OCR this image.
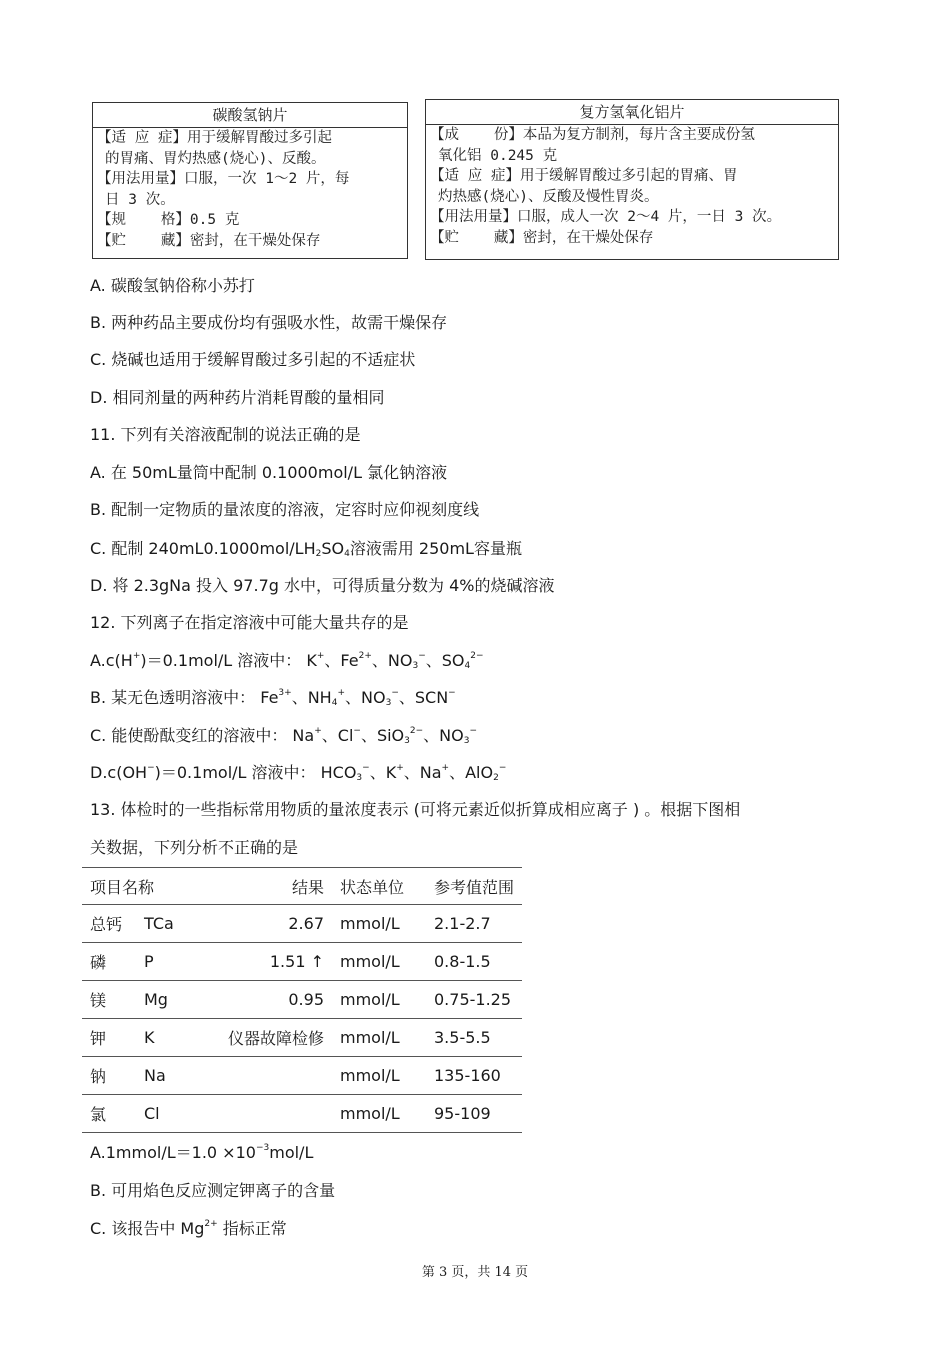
碳酸氢钠片
【适 应 症】用于缓解胃酸过多引起
的胃痛、胃灼热感(烧心)、反酸。
【用法用量】口服，一次 1～2 片，每
日 3 次。
【规    格】0.5 克
【贮    藏】密封，在干燥处保存
复方氢氧化铝片
【成    份】本品为复方制剂，每片含主要成份氢
氧化铝 0.245 克
【适 应 症】用于缓解胃酸过多引起的胃痛、胃
灼热感(烧心)、反酸及慢性胃炎。
【用法用量】口服，成人一次 2～4 片，一日 3 次。
【贮    藏】密封，在干燥处保存
A. 碳酸氢钠俗称小苏打
B. 两种药品主要成份均有强吸水性，故需干燥保存
C. 烧碱也适用于缓解胃酸过多引起的不适症状
D. 相同剂量的两种药片消耗胃酸的量相同
11. 下列有关溶液配制的说法正确的是
A. 在 50mL量筒中配制 0.1000mol/L 氯化钠溶液
B. 配制一定物质的量浓度的溶液，定容时应仰视刻度线
C. 配制 $240mL0.1000mol/LH_2SO_4$溶液需用 250mL容量瓶
D. 将 2.3gNa 投入 97.7g 水中，可得质量分数为 4%的烧碱溶液
12. 下列离子在指定溶液中可能大量共存的是
A.c(H+)＝0.1mol/L 溶液中： K+、$Fe^{2+}$、$NO_3^-$、$SO_4^{2-}$
B. 某无色透明溶液中： $Fe^{3+}$、$NH_4^+$、$NO_3^-$、SCN−
C. 能使酚酞变红的溶液中： Na+、Cl−、SiO$_3^{2-}$、$NO_3^-$
D.c(OH−)＝0.1mol/L 溶液中： $HCO_3^-$、K+、Na+、AlO$_2$−
13. 体检时的一些指标常用物质的量浓度表示 (可将元素近似折算成相应离子 ) 。根据下图相
关数据，下列分析不正确的是
项目名称		结果	状态单位	参考值范围
总钙	TCa	2.67	mmol/L	2.1-2.7
磷	P	1.51 ↑	mmol/L	0.8-1.5
镁	Mg	0.95	mmol/L	0.75-1.25
钾	K	仪器故障检修	mmol/L	3.5-5.5
钠	Na		mmol/L	135-160
氯	Cl		mmol/L	95-109
A.1mmol/L＝1.0 $\times 10^{-3}mol/L$
B. 可用焰色反应测定钾离子的含量
C. 该报告中 $Mg^{2+}$ 指标正常
第 3 页，共 14 页
